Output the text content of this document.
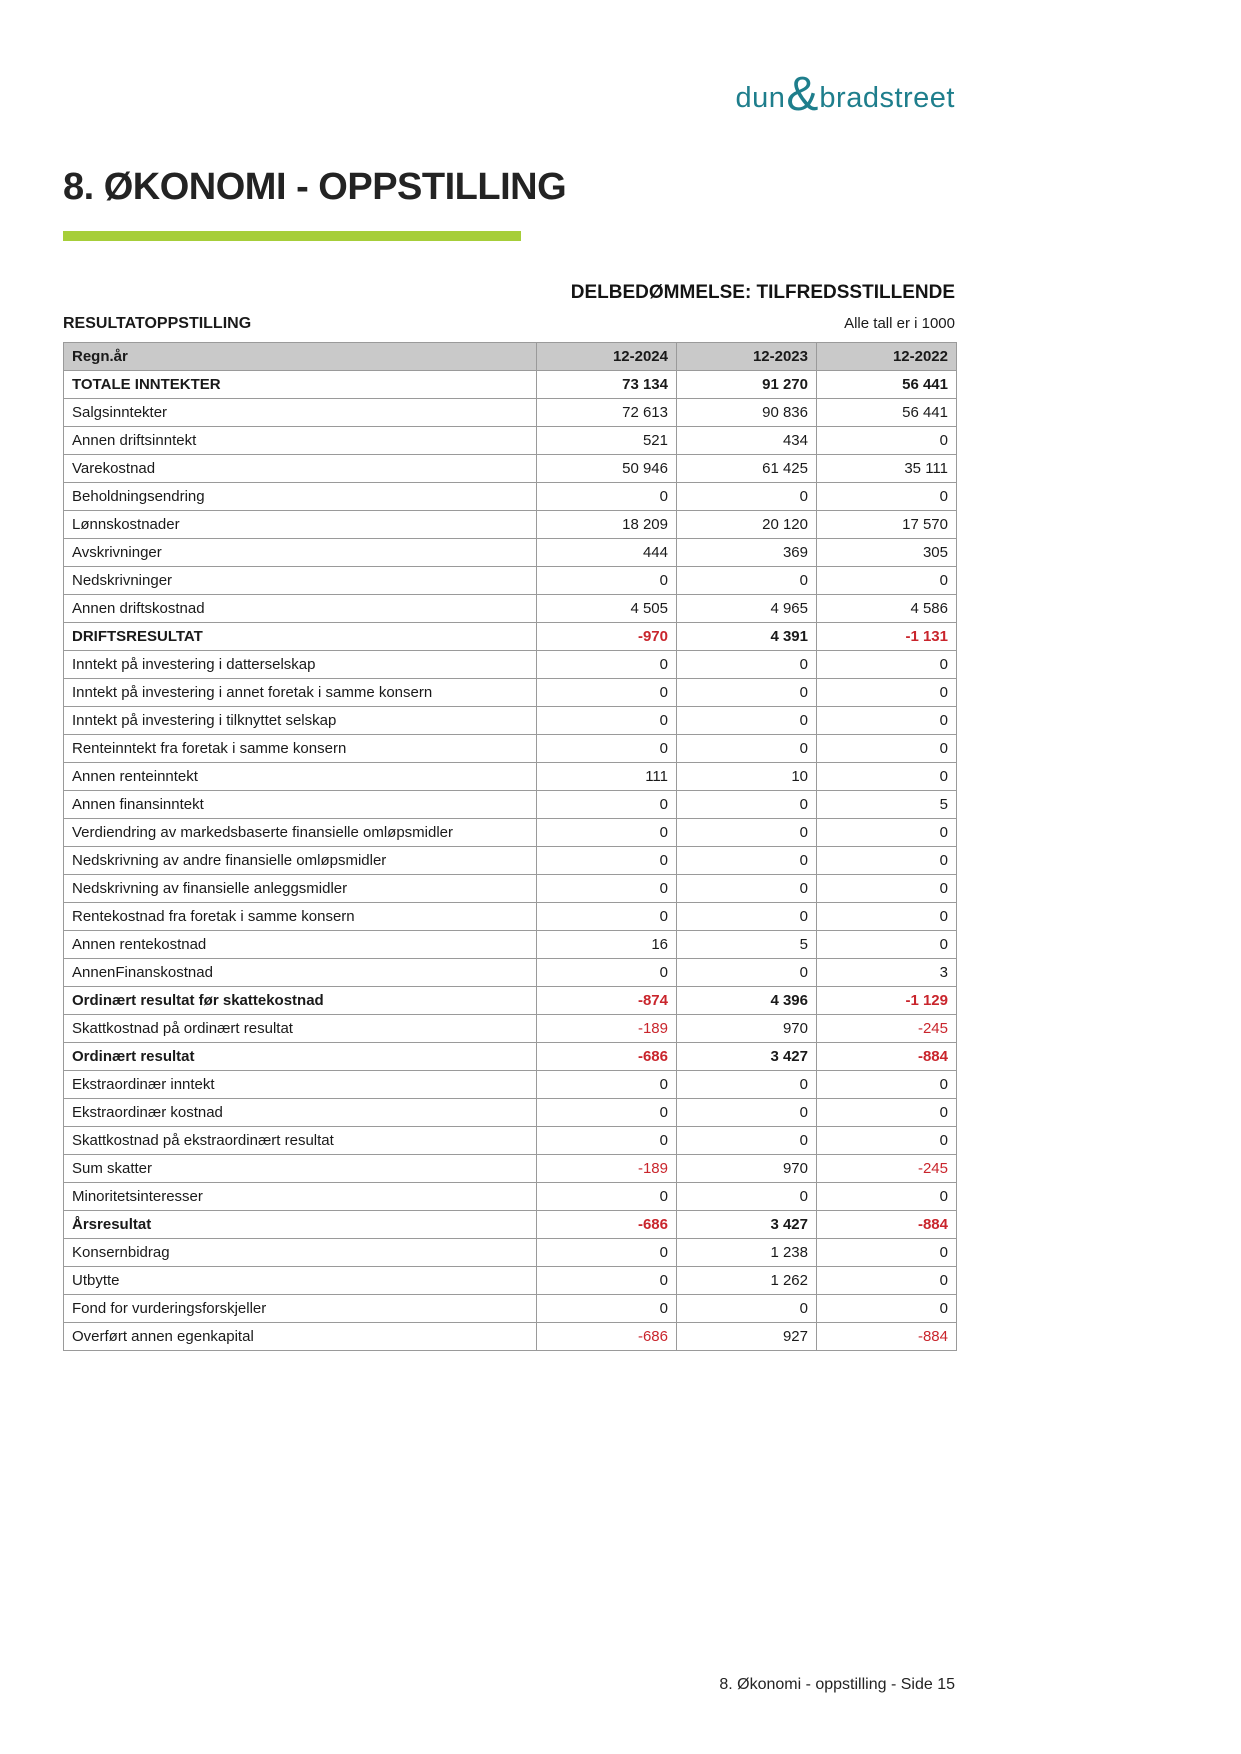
dun & bradstreet
8. ØKONOMI - OPPSTILLING
DELBEDØMMELSE: TILFREDSSTILLENDE
RESULTATOPPSTILLING	Alle tall er i 1000
Regn.år	12-2024	12-2023	12-2022
TOTALE INNTEKTER	73 134	91 270	56 441
Salgsinntekter	72 613	90 836	56 441
Annen driftsinntekt	521	434	0
Varekostnad	50 946	61 425	35 111
Beholdningsendring	0	0	0
Lønnskostnader	18 209	20 120	17 570
Avskrivninger	444	369	305
Nedskrivninger	0	0	0
Annen driftskostnad	4 505	4 965	4 586
DRIFTSRESULTAT	-970	4 391	-1 131
Inntekt på investering i datterselskap	0	0	0
Inntekt på investering i annet foretak i samme konsern	0	0	0
Inntekt på investering i tilknyttet selskap	0	0	0
Renteinntekt fra foretak i samme konsern	0	0	0
Annen renteinntekt	111	10	0
Annen finansinntekt	0	0	5
Verdiendring av markedsbaserte finansielle omløpsmidler	0	0	0
Nedskrivning av andre finansielle omløpsmidler	0	0	0
Nedskrivning av finansielle anleggsmidler	0	0	0
Rentekostnad fra foretak i samme konsern	0	0	0
Annen rentekostnad	16	5	0
AnnenFinanskostnad	0	0	3
Ordinært resultat før skattekostnad	-874	4 396	-1 129
Skattkostnad på ordinært resultat	-189	970	-245
Ordinært resultat	-686	3 427	-884
Ekstraordinær inntekt	0	0	0
Ekstraordinær kostnad	0	0	0
Skattkostnad på ekstraordinært resultat	0	0	0
Sum skatter	-189	970	-245
Minoritetsinteresser	0	0	0
Årsresultat	-686	3 427	-884
Konsernbidrag	0	1 238	0
Utbytte	0	1 262	0
Fond for vurderingsforskjeller	0	0	0
Overført annen egenkapital	-686	927	-884
8. Økonomi - oppstilling - Side 15
